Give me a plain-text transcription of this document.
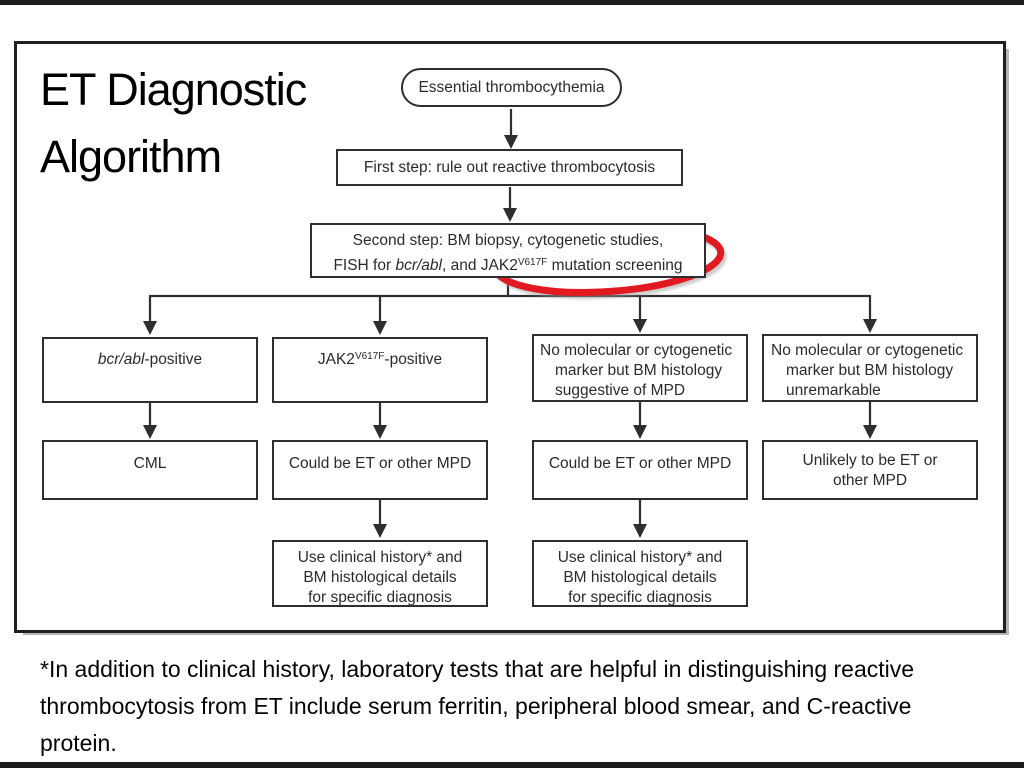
ET Diagnostic
Algorithm
Essential thrombocythemia
First step: rule out reactive thrombocytosis
Second step: BM biopsy, cytogenetic studies,
FISH for bcr/abl, and $JAK2^{V617F}$ mutation screening
bcr/abl-positive	$JAK2^{V617F}$-positive
No molecular or cytogenetic
marker but BM histology
suggestive of MPD
No molecular or cytogenetic
marker but BM histology
unremarkable
CML	Could be ET or other MPD	Could be ET or other MPD	Unlikely to be ET or
other MPD
Use clinical history* and
BM histological details
for specific diagnosis
Use clinical history* and
BM histological details
for specific diagnosis
*In addition to clinical history, laboratory tests that are helpful in distinguishing reactive
thrombocytosis from ET include serum ferritin, peripheral blood smear, and C-reactive
protein.
